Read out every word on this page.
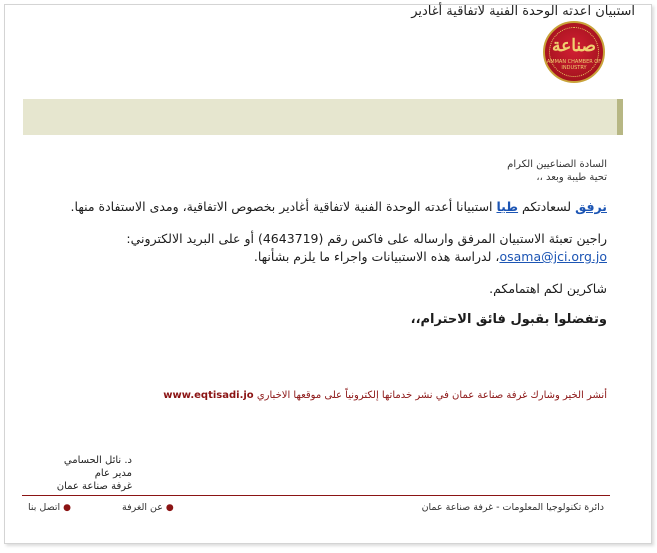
صناعة
AMMAN CHAMBER OF INDUSTRY
استبيان اعدته الوحدة الفنية لاتفاقية أغادير
السادة الصناعيين الكرام
تحية طيبة وبعد ،،
نرفق لسعادتكم طيا استبيانا أعدته الوحدة الفنية لاتفاقية أغادير بخصوص الاتفاقية، ومدى الاستفادة منها.
راجين تعبئة الاستبيان المرفق وارساله على فاكس رقم (4643719) أو على البريد الالكتروني: osama@jci.org.jo، لدراسة هذه الاستبيانات واجراء ما يلزم بشأنها.
شاكرين لكم اهتمامكم.
وتفضلوا بقبول فائق الاحترام،،
أنشر الخير وشارك غرفة صناعة عمان في نشر خدماتها إلكترونياً على موقعها الاخباري www.eqtisadi.jo
د. نائل الحسامي
مدير عام
غرفة صناعة عمان
دائرة تكنولوجيا المعلومات - غرفة صناعة عمان
●عن الغرفة
●اتصل بنا
